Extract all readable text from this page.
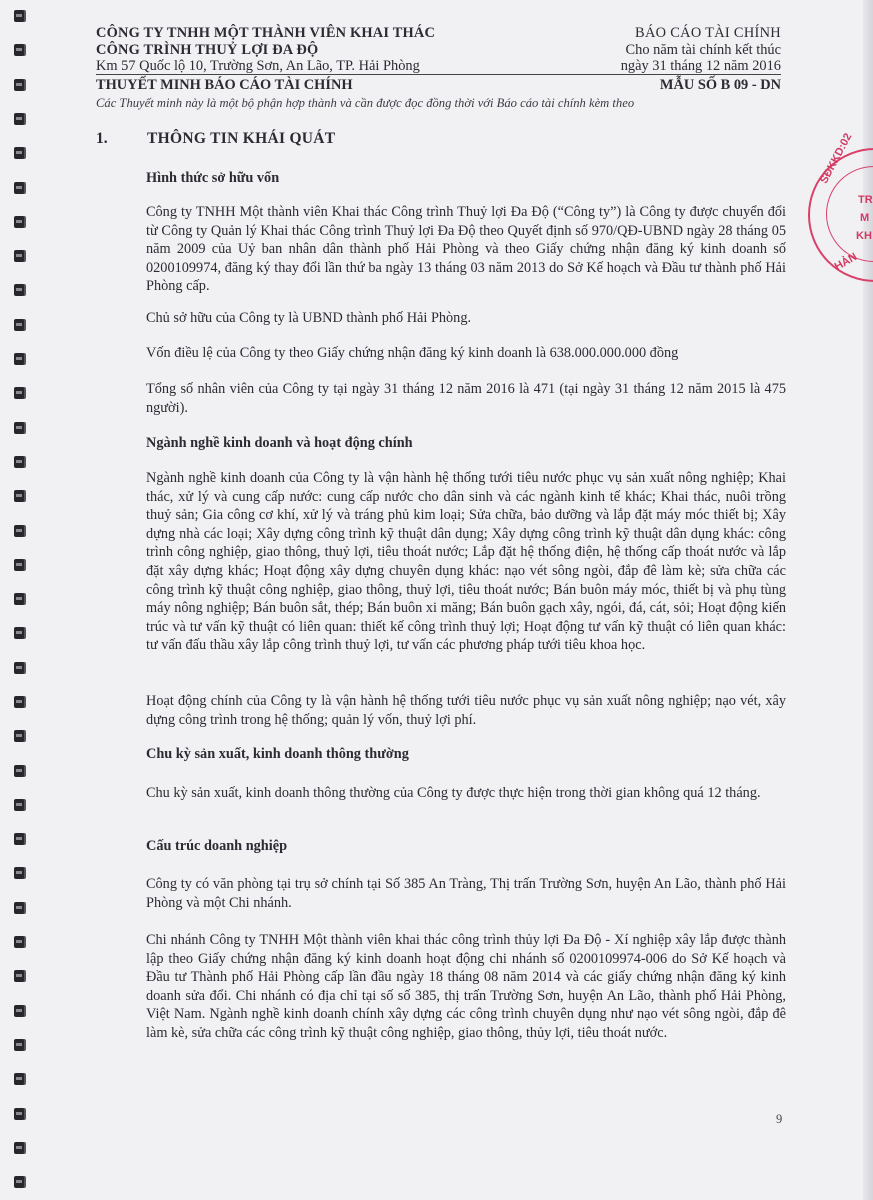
CÔNG TY TNHH MỘT THÀNH VIÊN KHAI THÁC
CÔNG TRÌNH THUỶ LỢI ĐA ĐỘ
Km 57 Quốc lộ 10, Trường Sơn, An Lão, TP. Hải Phòng
BÁO CÁO TÀI CHÍNH
Cho năm tài chính kết thúc
ngày 31 tháng 12 năm 2016
THUYẾT MINH BÁO CÁO TÀI CHÍNH	MẪU SỐ B 09 - DN
Các Thuyết minh này là một bộ phận hợp thành và cần được đọc đồng thời với Báo cáo tài chính kèm theo
1.	THÔNG TIN KHÁI QUÁT
Hình thức sở hữu vốn
Công ty TNHH Một thành viên Khai thác Công trình Thuỷ lợi Đa Độ (“Công ty”) là Công ty được chuyển đổi từ Công ty Quản lý Khai thác Công trình Thuỷ lợi Đa Độ theo Quyết định số 970/QĐ-UBND ngày 28 tháng 05 năm 2009 của Uỷ ban nhân dân thành phố Hải Phòng và theo Giấy chứng nhận đăng ký kinh doanh số 0200109974, đăng ký thay đổi lần thứ ba ngày 13 tháng 03 năm 2013 do Sở Kế hoạch và Đầu tư thành phố Hải Phòng cấp.
Chủ sở hữu của Công ty là UBND thành phố Hải Phòng.
Vốn điều lệ của Công ty theo Giấy chứng nhận đăng ký kinh doanh là 638.000.000.000 đồng
Tổng số nhân viên của Công ty tại ngày 31 tháng 12 năm 2016 là 471 (tại ngày 31 tháng 12 năm 2015 là 475 người).
Ngành nghề kinh doanh và hoạt động chính
Ngành nghề kinh doanh của Công ty là vận hành hệ thống tưới tiêu nước phục vụ sản xuất nông nghiệp; Khai thác, xử lý và cung cấp nước: cung cấp nước cho dân sinh và các ngành kinh tế khác; Khai thác, nuôi trồng thuỷ sản; Gia công cơ khí, xử lý và tráng phủ kim loại; Sửa chữa, bảo dưỡng và lắp đặt máy móc thiết bị; Xây dựng nhà các loại; Xây dựng công trình kỹ thuật dân dụng; Xây dựng công trình kỹ thuật dân dụng khác: công trình công nghiệp, giao thông, thuỷ lợi, tiêu thoát nước; Lắp đặt hệ thống điện, hệ thống cấp thoát nước và lắp đặt xây dựng khác; Hoạt động xây dựng chuyên dụng khác: nạo vét sông ngòi, đắp đê làm kè; sửa chữa các công trình kỹ thuật công nghiệp, giao thông, thuỷ lợi, tiêu thoát nước; Bán buôn máy móc, thiết bị và phụ tùng máy nông nghiệp; Bán buôn sắt, thép; Bán buôn xi măng; Bán buôn gạch xây, ngói, đá, cát, sỏi; Hoạt động kiến trúc và tư vấn kỹ thuật có liên quan: thiết kế công trình thuỷ lợi; Hoạt động tư vấn kỹ thuật có liên quan khác: tư vấn đấu thầu xây lắp công trình thuỷ lợi, tư vấn các phương pháp tưới tiêu khoa học.
Hoạt động chính của Công ty là vận hành hệ thống tưới tiêu nước phục vụ sản xuất nông nghiệp; nạo vét, xây dựng công trình trong hệ thống; quản lý vốn, thuỷ lợi phí.
Chu kỳ sản xuất, kinh doanh thông thường
Chu kỳ sản xuất, kinh doanh thông thường của Công ty được thực hiện trong thời gian không quá 12 tháng.
Cấu trúc doanh nghiệp
Công ty có văn phòng tại trụ sở chính tại Số 385 An Tràng, Thị trấn Trường Sơn, huyện An Lão, thành phố Hải Phòng và một Chi nhánh.
Chi nhánh Công ty TNHH Một thành viên khai thác công trình thủy lợi Đa Độ - Xí nghiệp xây lắp được thành lập theo Giấy chứng nhận đăng ký kinh doanh hoạt động chi nhánh số 0200109974-006 do Sở Kế hoạch và Đầu tư Thành phố Hải Phòng cấp lần đầu ngày 18 tháng 08 năm 2014 và các giấy chứng nhận đăng ký kinh doanh sửa đổi. Chi nhánh có địa chỉ tại số số 385, thị trấn Trường Sơn, huyện An Lão, thành phố Hải Phòng, Việt Nam. Ngành nghề kinh doanh chính xây dựng các công trình chuyên dụng như nạo vét sông ngòi, đắp đê làm kè, sửa chữa các công trình kỹ thuật công nghiệp, giao thông, thủy lợi, tiêu thoát nước.
9
SĐKKD:02
TR
M
KH
HẢN
